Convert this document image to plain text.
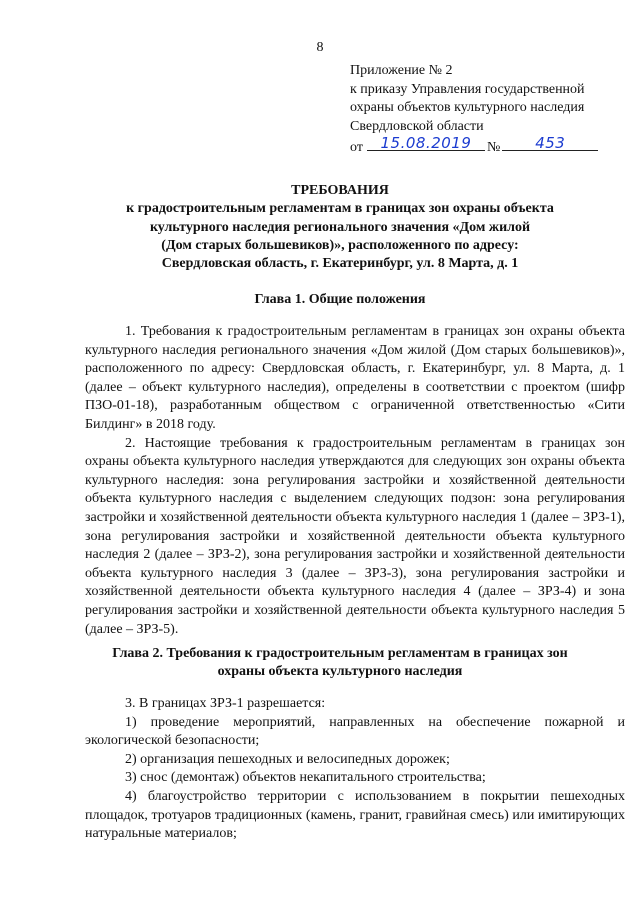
8
Приложение № 2
к приказу Управления государственной
охраны объектов культурного наследия
Свердловской области
от	15.08.2019	№	453
ТРЕБОВАНИЯ
к градостроительным регламентам в границах зон охраны объекта
культурного наследия регионального значения «Дом жилой
(Дом старых большевиков)», расположенного по адресу:
Свердловская область, г. Екатеринбург, ул. 8 Марта, д. 1
Глава 1. Общие положения

1. Требования к градостроительным регламентам в границах зон охраны объекта культурного наследия регионального значения «Дом жилой (Дом старых большевиков)», расположенного по адресу: Свердловская область, г. Екатеринбург, ул. 8 Марта, д. 1 (далее – объект культурного наследия), определены в соответствии с проектом (шифр ПЗО-01-18), разработанным обществом с ограниченной ответственностью «Сити Билдинг» в 2018 году.

2. Настоящие требования к градостроительным регламентам в границах зон охраны объекта культурного наследия утверждаются для следующих зон охраны объекта культурного наследия: зона регулирования застройки и хозяйственной деятельности объекта культурного наследия с выделением следующих подзон: зона регулирования застройки и хозяйственной деятельности объекта культурного наследия 1 (далее – ЗРЗ-1), зона регулирования застройки и хозяйственной деятельности объекта культурного наследия 2 (далее – ЗРЗ-2), зона регулирования застройки и хозяйственной деятельности объекта культурного наследия 3 (далее – ЗРЗ-3), зона регулирования застройки и хозяйственной деятельности объекта культурного наследия 4 (далее – ЗРЗ-4) и зона регулирования застройки и хозяйственной деятельности объекта культурного наследия 5 (далее – ЗРЗ-5).

Глава 2. Требования к градостроительным регламентам в границах зон
охраны объекта культурного наследия

3. В границах ЗРЗ-1 разрешается:

1) проведение мероприятий, направленных на обеспечение пожарной и экологической безопасности;

2) организация пешеходных и велосипедных дорожек;

3) снос (демонтаж) объектов некапитального строительства;

4) благоустройство территории с использованием в покрытии пешеходных площадок, тротуаров традиционных (камень, гранит, гравийная смесь) или имитирующих натуральные материалов;
